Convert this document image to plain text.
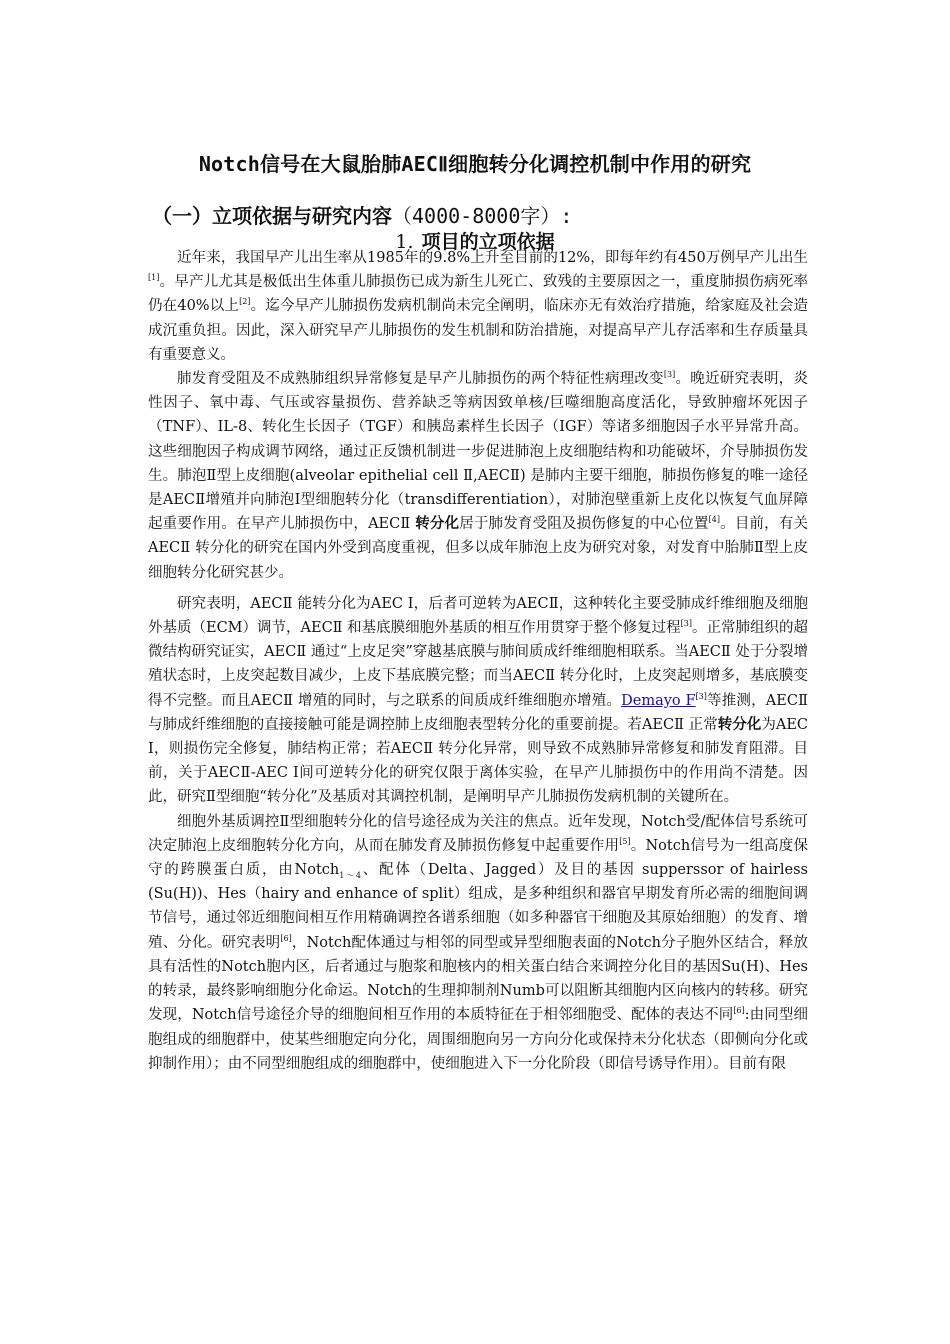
Notch信号在大鼠胎肺AECⅡ细胞转分化调控机制中作用的研究
（一）立项依据与研究内容（4000-8000字）:
1. 项目的立项依据

近年来，我国早产儿出生率从1985年的9.8%上升至目前的12%，即每年约有450万例早产儿出生[1]。早产儿尤其是极低出生体重儿肺损伤已成为新生儿死亡、致残的主要原因之一，重度肺损伤病死率仍在40%以上[2]。迄今早产儿肺损伤发病机制尚未完全阐明，临床亦无有效治疗措施，给家庭及社会造成沉重负担。因此，深入研究早产儿肺损伤的发生机制和防治措施，对提高早产儿存活率和生存质量具有重要意义。

肺发育受阻及不成熟肺组织异常修复是早产儿肺损伤的两个特征性病理改变[3]。晚近研究表明，炎性因子、氧中毒、气压或容量损伤、营养缺乏等病因致单核/巨噬细胞高度活化，导致肿瘤坏死因子（TNF）、IL-8、转化生长因子（TGF）和胰岛素样生长因子（IGF）等诸多细胞因子水平异常升高。这些细胞因子构成调节网络，通过正反馈机制进一步促进肺泡上皮细胞结构和功能破坏，介导肺损伤发生。肺泡Ⅱ型上皮细胞(alveolar epithelial cell Ⅱ,AECⅡ) 是肺内主要干细胞，肺损伤修复的唯一途径是AECⅡ增殖并向肺泡Ⅰ型细胞转分化（transdifferentiation），对肺泡壁重新上皮化以恢复气血屏障起重要作用。在早产儿肺损伤中，AECⅡ 转分化居于肺发育受阻及损伤修复的中心位置[4]。目前，有关AECⅡ 转分化的研究在国内外受到高度重视，但多以成年肺泡上皮为研究对象，对发育中胎肺Ⅱ型上皮细胞转分化研究甚少。

研究表明，AECⅡ 能转分化为AEC Ⅰ，后者可逆转为AECⅡ，这种转化主要受肺成纤维细胞及细胞外基质（ECM）调节，AECⅡ 和基底膜细胞外基质的相互作用贯穿于整个修复过程[3]。正常肺组织的超微结构研究证实，AECⅡ 通过“上皮足突”穿越基底膜与肺间质成纤维细胞相联系。当AECⅡ 处于分裂增殖状态时，上皮突起数目减少，上皮下基底膜完整；而当AECⅡ 转分化时，上皮突起则增多，基底膜变得不完整。而且AECⅡ 增殖的同时，与之联系的间质成纤维细胞亦增殖。Demayo F[3]等推测，AECⅡ 与肺成纤维细胞的直接接触可能是调控肺上皮细胞表型转分化的重要前提。若AECⅡ 正常转分化为AEC Ⅰ，则损伤完全修复，肺结构正常；若AECⅡ 转分化异常，则导致不成熟肺异常修复和肺发育阻滞。目前，关于AECⅡ-AEC Ⅰ间可逆转分化的研究仅限于离体实验，在早产儿肺损伤中的作用尚不清楚。因此，研究Ⅱ型细胞“转分化”及基质对其调控机制，是阐明早产儿肺损伤发病机制的关键所在。

细胞外基质调控Ⅱ型细胞转分化的信号途径成为关注的焦点。近年发现，Notch受/配体信号系统可决定肺泡上皮细胞转分化方向，从而在肺发育及肺损伤修复中起重要作用[5]。Notch信号为一组高度保守的跨膜蛋白质，由Notch$_{1\sim 4}$、配体（Delta、Jagged）及目的基因 supperssor of hairless (Su(H))、Hes（hairy and enhance of split）组成，是多种组织和器官早期发育所必需的细胞间调节信号，通过邻近细胞间相互作用精确调控各谱系细胞（如多种器官干细胞及其原始细胞）的发育、增殖、分化。研究表明[6]，Notch配体通过与相邻的同型或异型细胞表面的Notch分子胞外区结合，释放具有活性的Notch胞内区，后者通过与胞浆和胞核内的相关蛋白结合来调控分化目的基因Su(H)、Hes的转录，最终影响细胞分化命运。Notch的生理抑制剂Numb可以阻断其细胞内区向核内的转移。研究发现，Notch信号途径介导的细胞间相互作用的本质特征在于相邻细胞受、配体的表达不同[6]:由同型细胞组成的细胞群中，使某些细胞定向分化，周围细胞向另一方向分化或保持未分化状态（即侧向分化或抑制作用）；由不同型细胞组成的细胞群中，使细胞进入下一分化阶段（即信号诱导作用）。目前有限
